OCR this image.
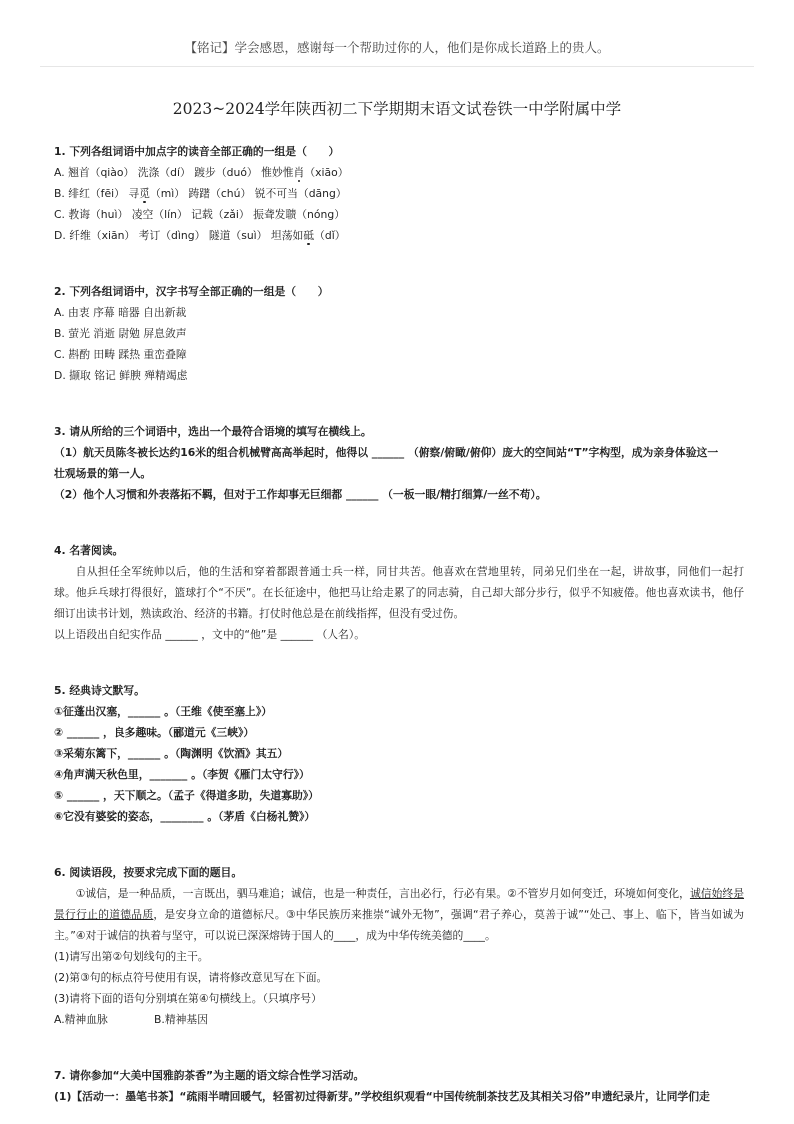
【铭记】学会感恩，感谢每一个帮助过你的人，他们是你成长道路上的贵人。
2023~2024学年陕西初二下学期期末语文试卷铁一中学附属中学
1. 下列各组词语中加点字的读音全部正确的一组是（　　）
A. 翘首（qiào） 洗涤（dí） 踱步（duó） 惟妙惟肖（xiāo）
B. 绯红（fēi） 寻觅（mì） 踌躇（chú） 锐不可当（dāng）
C. 教诲（huì） 凌空（lín） 记载（zǎi） 振聋发聩（nóng）
D. 纤维（xiān） 考订（dìng） 隧道（suì） 坦荡如砥（dǐ）
2. 下列各组词语中，汉字书写全部正确的一组是（　　）
A. 由衷 序幕 暗器 自出新裁
B. 萤光 消逝 尉勉 屏息敛声
C. 斟酌 田畴 蹂热 重峦叠障
D. 撷取 铭记 鲜腴 殚精竭虑
3. 请从所给的三个词语中，选出一个最符合语境的填写在横线上。
（1）航天员陈冬被长达约16米的组合机械臂高高举起时，他得以 ______ （俯察/俯瞰/俯仰）庞大的空间站“T”字构型，成为亲身体验这一
壮观场景的第一人。
（2）他个人习惯和外表落拓不羁，但对于工作却事无巨细都 ______ （一板一眼/精打细算/一丝不苟）。
4. 名著阅读。
自从担任全军统帅以后，他的生活和穿着都跟普通士兵一样，同甘共苦。他喜欢在营地里转，同弟兄们坐在一起，讲故事，同他们一起打球。他乒乓球打得很好，篮球打个“不厌”。在长征途中，他把马让给走累了的同志骑，自己却大部分步行，似乎不知疲倦。他也喜欢读书，他仔细订出读书计划，熟读政治、经济的书籍。打仗时他总是在前线指挥，但没有受过伤。
以上语段出自纪实作品 ______ ，文中的“他”是 ______ （人名）。
5. 经典诗文默写。
①征蓬出汉塞，______ 。（王维《使至塞上》）
② ______ ，良多趣味。（郦道元《三峡》）
③采菊东篱下，______ 。（陶渊明《饮酒》其五）
④角声满天秋色里，_______ 。（李贺《雁门太守行》）
⑤ ______ ，天下顺之。（孟子《得道多助，失道寡助》）
⑥它没有婆娑的姿态，________ 。（茅盾《白杨礼赞》）
6. 阅读语段，按要求完成下面的题目。
①诚信，是一种品质，一言既出，驷马难追；诚信，也是一种责任，言出必行，行必有果。②不管岁月如何变迁，环境如何变化，诚信始终是景行行止的道德品质，是安身立命的道德标尺。③中华民族历来推崇“诚外无物”，强调“君子养心，莫善于诚”“处己、事上、临下，皆当如诚为主。”④对于诚信的执着与坚守，可以说已深深熔铸于国人的____，成为中华传统美德的____。
(1)请写出第②句划线句的主干。
(2)第③句的标点符号使用有误，请将修改意见写在下面。
(3)请将下面的语句分别填在第④句横线上。（只填序号）
A.精神血脉	B.精神基因
7. 请你参加“大美中国雅韵茶香”为主题的语文综合性学习活动。
(1)【活动一：墨笔书茶】“疏雨半晴回暖气，轻雷初过得新芽。”学校组织观看“中国传统制茶技艺及其相关习俗”申遗纪录片，让同学们走
